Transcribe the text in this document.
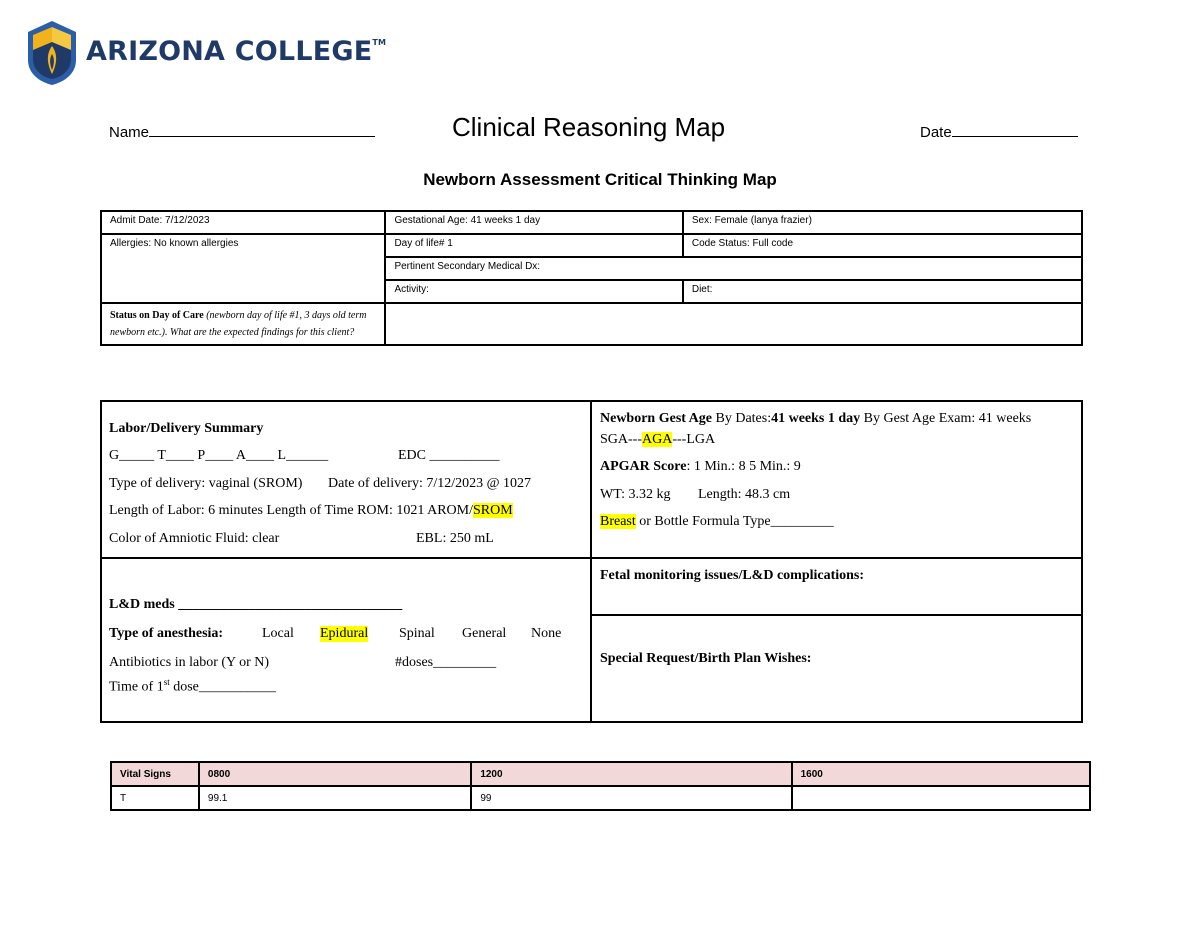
ARIZONA COLLEGE™
Name	Clinical Reasoning Map	Date
Newborn Assessment Critical Thinking Map
Admit Date: 7/12/2023	Gestational Age: 41 weeks 1 day	Sex: Female (lanya frazier)
Allergies: No known allergies	Day of life# 1	Code Status: Full code
	Pertinent Secondary Medical Dx:	
	Activity:	Diet:
Status on Day of Care (newborn day of life #1, 3 days old term newborn etc.). What are the expected findings for this client?		
Labor/Delivery Summary
G_____ T____ P____ A____ L______	EDC __________
Type of delivery: vaginal (SROM) Date of delivery: 7/12/2023 @ 1027
Length of Labor: 6 minutes Length of Time ROM: 1021 AROM/SROM
Color of Amniotic Fluid: clear	EBL: 250 mL
Newborn Gest Age By Dates:41 weeks 1 day By Gest Age Exam: 41 weeks
SGA---AGA---LGA
APGAR Score: 1 Min.: 8 5 Min.: 9
WT: 3.32 kg Length: 48.3 cm
Breast or Bottle Formula Type_________
L&D meds ________________________________
Type of anesthesia:	Local Epidural Spinal General None
Antibiotics in labor (Y or N)	#doses_________
Time of 1st dose___________
Fetal monitoring issues/L&D complications:
Special Request/Birth Plan Wishes:
Vital Signs	0800	1200	1600
T	99.1	99	
